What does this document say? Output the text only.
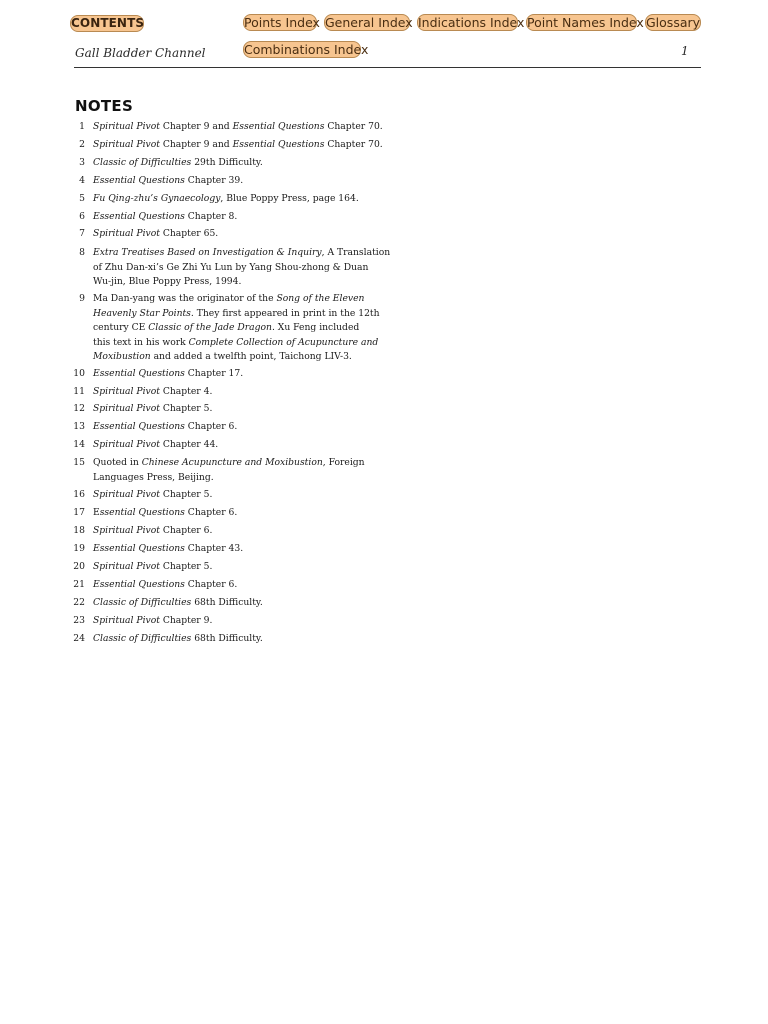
CONTENTS	Points Index General Index Indications Index Point Names Index Glossary
Combinations Index
Gall Bladder Channel	1
NOTES
1 Spiritual Pivot Chapter 9 and Essential Questions Chapter 70.
2 Spiritual Pivot Chapter 9 and Essential Questions Chapter 70.
3 Classic of Difficulties 29th Difficulty.
4 Essential Questions Chapter 39.
5 Fu Qing-zhu’s Gynaecology, Blue Poppy Press, page 164.
6 Essential Questions Chapter 8.
7 Spiritual Pivot Chapter 65.
8 Extra Treatises Based on Investigation & Inquiry, A Translation
of Zhu Dan-xi’s Ge Zhi Yu Lun by Yang Shou-zhong & Duan
Wu-jin, Blue Poppy Press, 1994.
9 Ma Dan-yang was the originator of the Song of the Eleven
Heavenly Star Points. They first appeared in print in the 12th
century CE Classic of the Jade Dragon. Xu Feng included
this text in his work Complete Collection of Acupuncture and
Moxibustion and added a twelfth point, Taichong LIV-3.
10 Essential Questions Chapter 17.
11 Spiritual Pivot Chapter 4.
12 Spiritual Pivot Chapter 5.
13 Essential Questions Chapter 6.
14 Spiritual Pivot Chapter 44.
15 Quoted in Chinese Acupuncture and Moxibustion, Foreign
Languages Press, Beijing.
16 Spiritual Pivot Chapter 5.
17 Essential Questions Chapter 6.
18 Spiritual Pivot Chapter 6.
19 Essential Questions Chapter 43.
20 Spiritual Pivot Chapter 5.
21 Essential Questions Chapter 6.
22 Classic of Difficulties 68th Difficulty.
23 Spiritual Pivot Chapter 9.
24 Classic of Difficulties 68th Difficulty.
